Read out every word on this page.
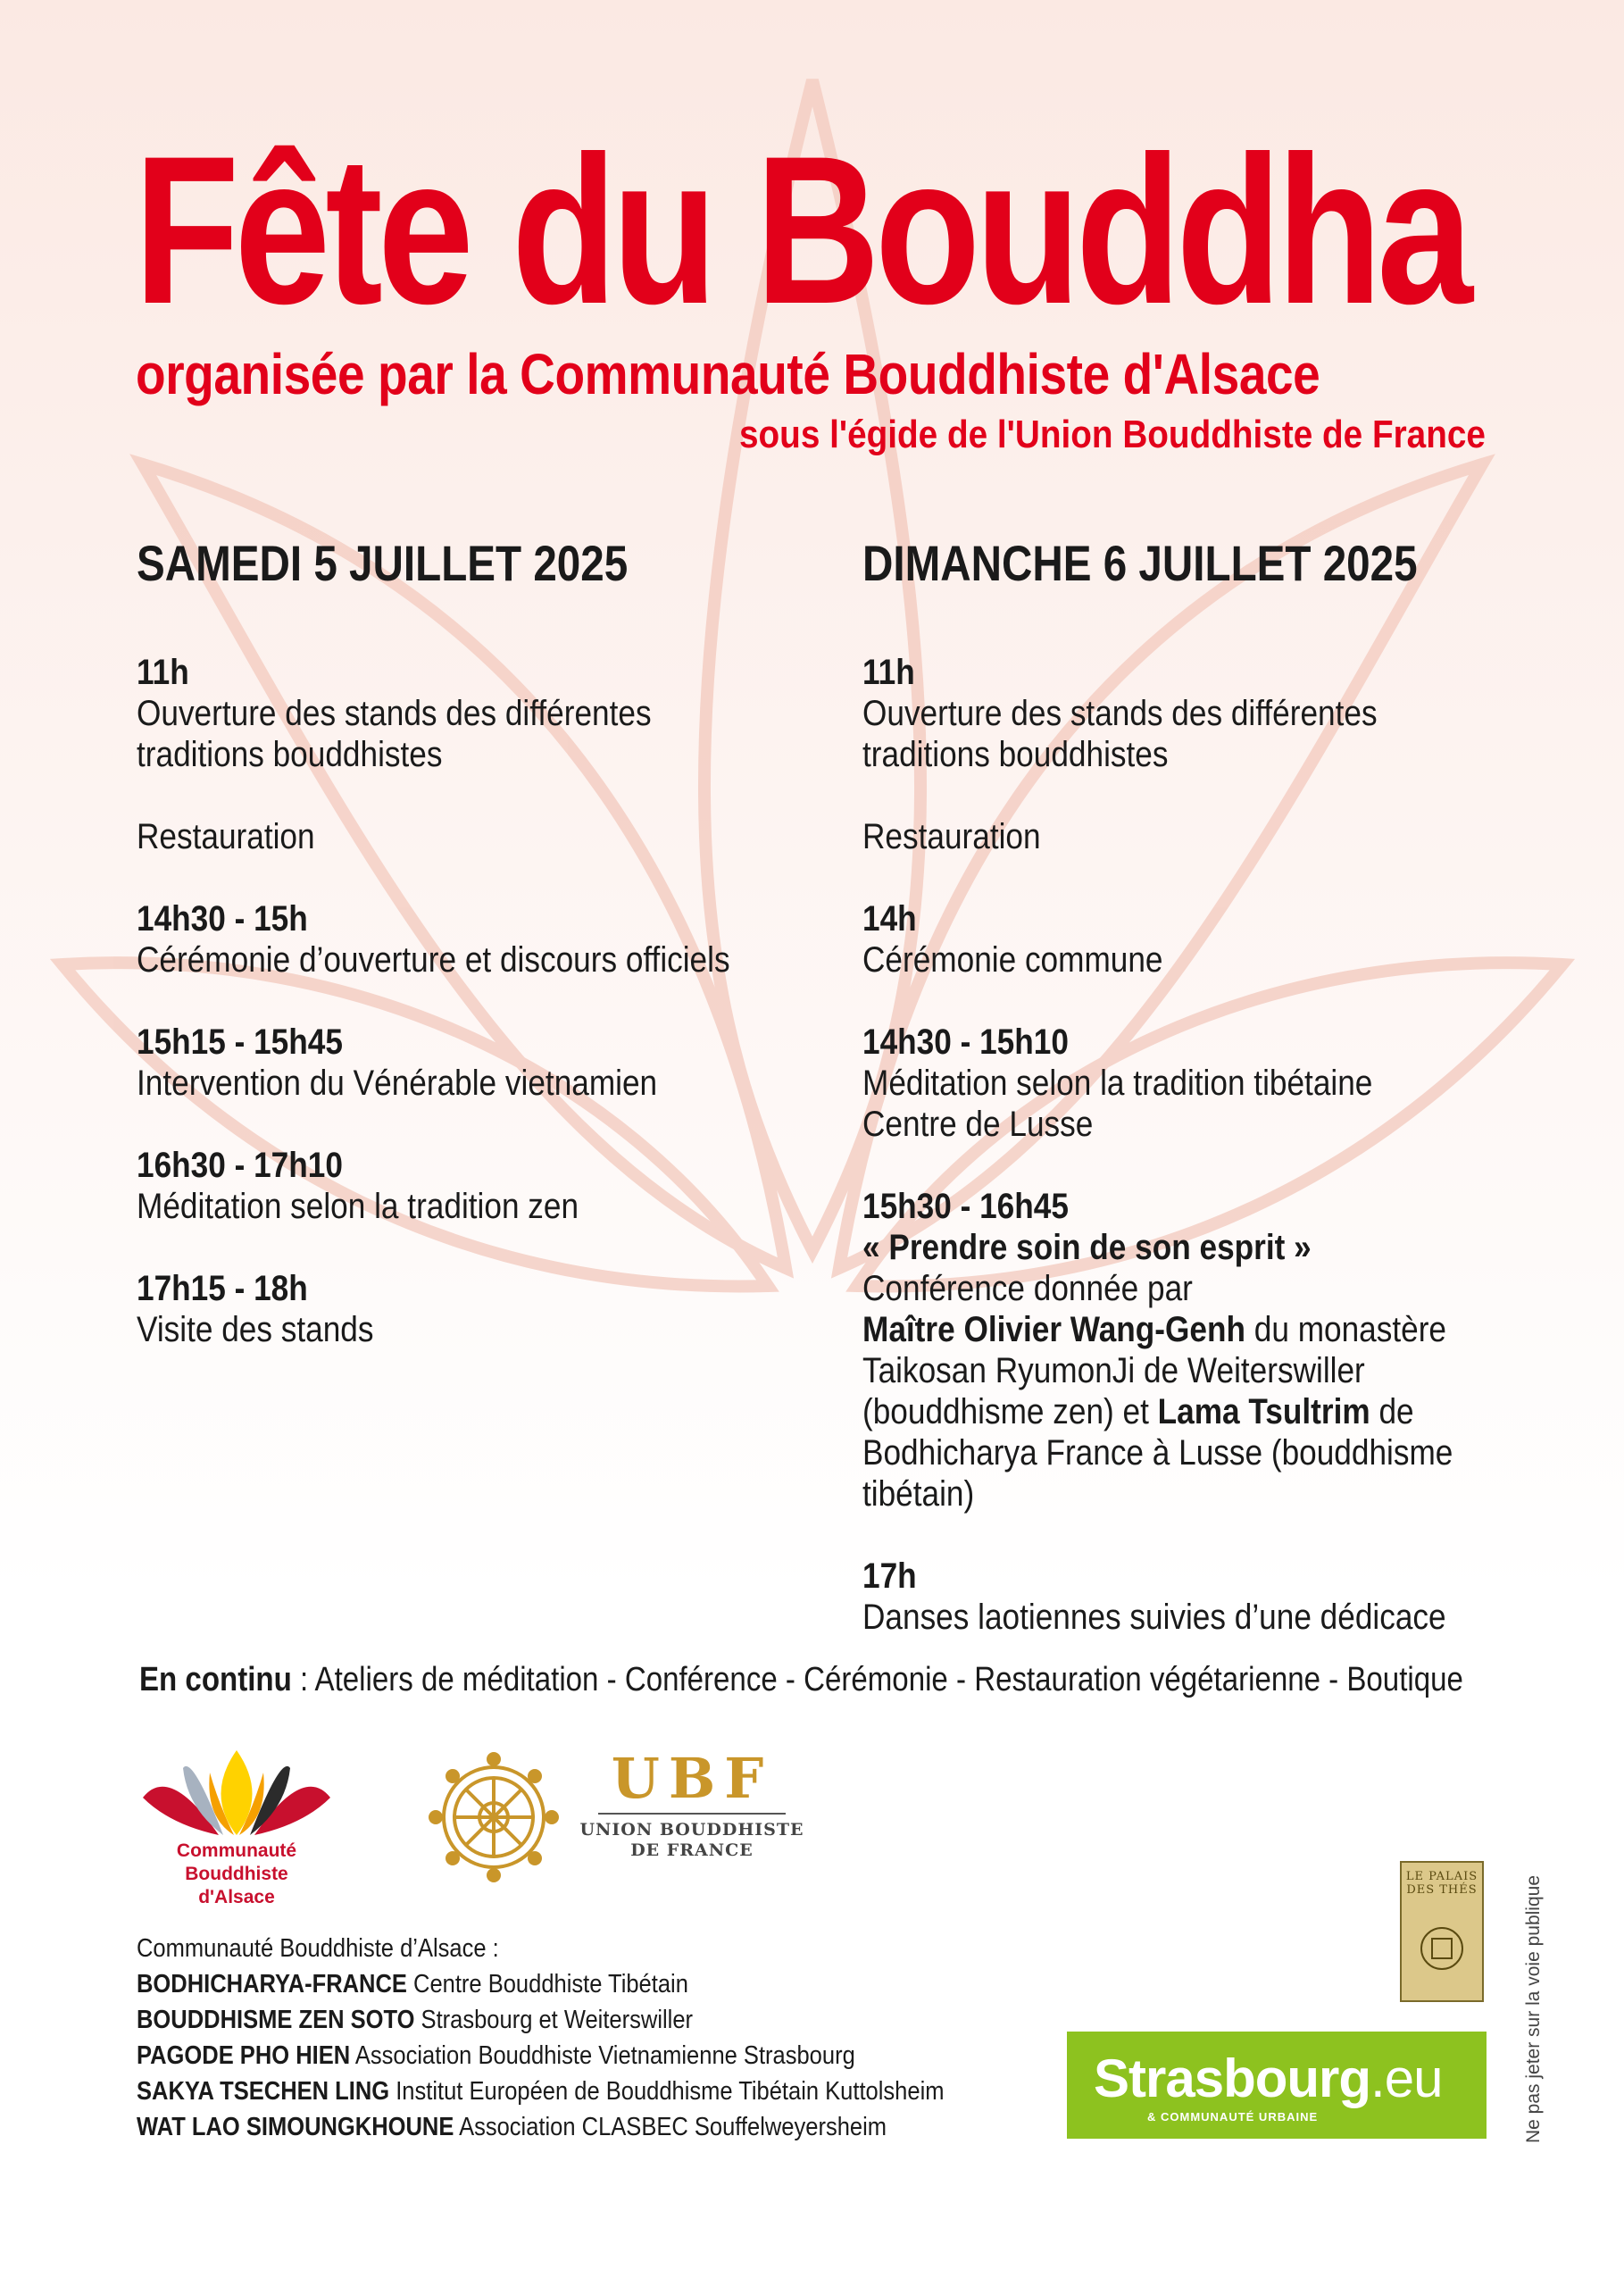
Fête du Bouddha
organisée par la Communauté Bouddhiste d'Alsace
sous l'égide de l'Union Bouddhiste de France
SAMEDI 5 JUILLET 2025	DIMANCHE 6 JUILLET 2025
11h
Ouverture des stands des différentes
traditions bouddhistes
Restauration
14h30 - 15h
Cérémonie d’ouverture et discours officiels
15h15 - 15h45
Intervention du Vénérable vietnamien
16h30 - 17h10
Méditation selon la tradition zen
17h15 - 18h
Visite des stands
11h
Ouverture des stands des différentes
traditions bouddhistes
Restauration
14h
Cérémonie commune
14h30 - 15h10
Méditation selon la tradition tibétaine
Centre de Lusse
15h30 - 16h45
« Prendre soin de son esprit »
Conférence donnée par
Maître Olivier Wang-Genh du monastère
Taikosan RyumonJi de Weiterswiller
(bouddhisme zen) et Lama Tsultrim de
Bodhicharya France à Lusse (bouddhisme
tibétain)
17h
Danses laotiennes suivies d’une dédicace
En continu : Ateliers de méditation - Conférence - Cérémonie - Restauration végétarienne - Boutique
Communauté Bouddhiste
d'Alsace
UBF
UNION BOUDDHISTE
DE FRANCE
Communauté Bouddhiste d’Alsace :
BODHICHARYA-FRANCE Centre Bouddhiste Tibétain
BOUDDHISME ZEN SOTO Strasbourg et Weiterswiller
PAGODE PHO HIEN Association Bouddhiste Vietnamienne Strasbourg
SAKYA TSECHEN LING Institut Européen de Bouddhisme Tibétain Kuttolsheim
WAT LAO SIMOUNGKHOUNE Association CLASBEC Souffelweyersheim
LE PALAIS
DES THÉS
Strasbourg.eu
& COMMUNAUTÉ URBAINE	Ne pas jeter sur la voie publique
